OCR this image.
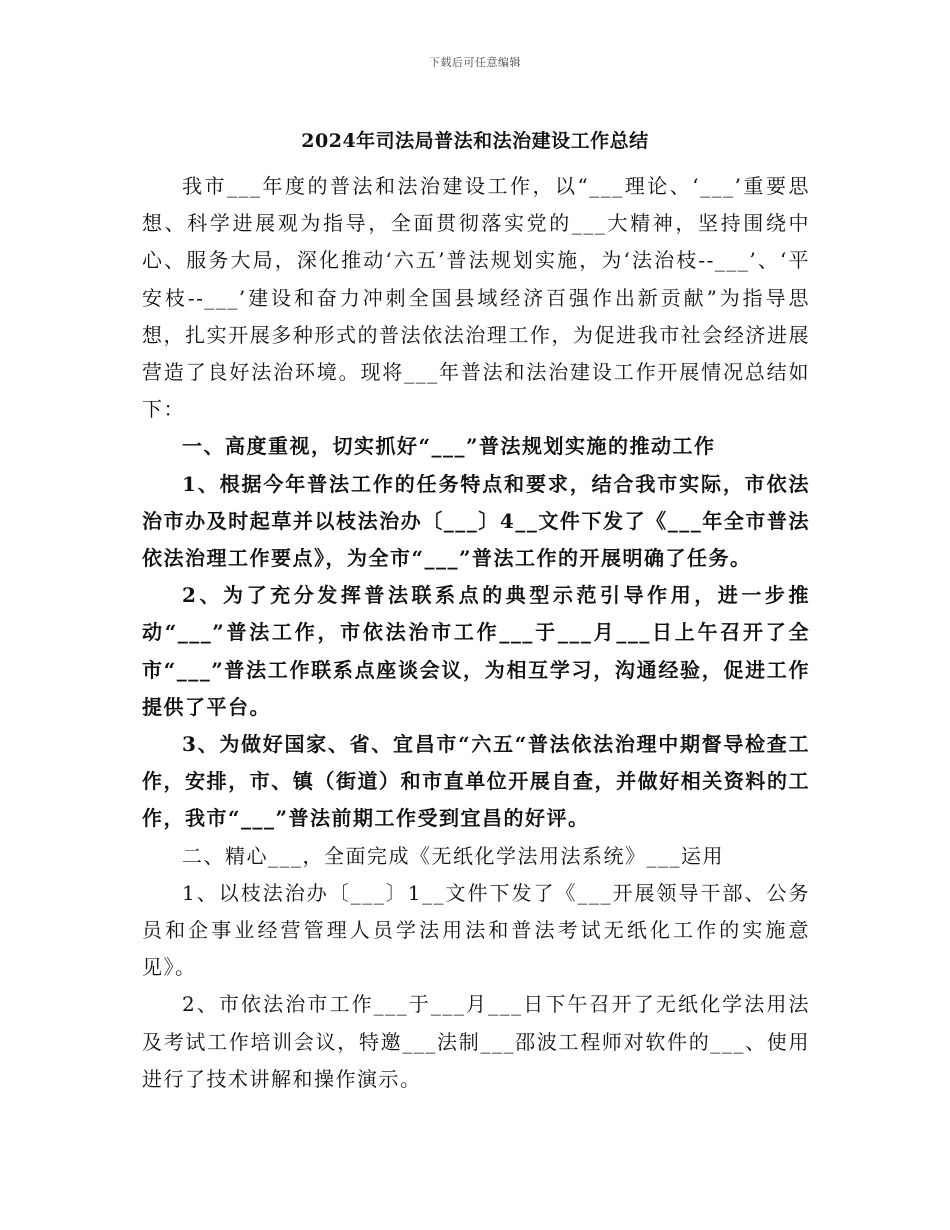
下载后可任意编辑
2024年司法局普法和法治建设工作总结

我市___年度的普法和法治建设工作，以“___理论、‘___’重要思想、科学进展观为指导，全面贯彻落实党的___大精神，坚持围绕中心、服务大局，深化推动‘六五’普法规划实施，为‘法治枝--___’、‘平安枝--___’建设和奋力冲刺全国县域经济百强作出新贡献”为指导思想，扎实开展多种形式的普法依法治理工作，为促进我市社会经济进展营造了良好法治环境。现将___年普法和法治建设工作开展情况总结如下：

一、高度重视，切实抓好“___”普法规划实施的推动工作

1、根据今年普法工作的任务特点和要求，结合我市实际，市依法治市办及时起草并以枝法治办〔___〕4__文件下发了《___年全市普法依法治理工作要点》，为全市“___”普法工作的开展明确了任务。

2、为了充分发挥普法联系点的典型示范引导作用，进一步推动“___”普法工作，市依法治市工作___于___月___日上午召开了全市“___”普法工作联系点座谈会议，为相互学习，沟通经验，促进工作提供了平台。

3、为做好国家、省、宜昌市“六五“普法依法治理中期督导检查工作，安排，市、镇（街道）和市直单位开展自查，并做好相关资料的工作，我市“___”普法前期工作受到宜昌的好评。

二、精心___，全面完成《无纸化学法用法系统》___运用

1、以枝法治办〔___〕1__文件下发了《___开展领导干部、公务员和企事业经营管理人员学法用法和普法考试无纸化工作的实施意见》。

2、市依法治市工作___于___月___日下午召开了无纸化学法用法及考试工作培训会议，特邀___法制___邵波工程师对软件的___、使用进行了技术讲解和操作演示。
